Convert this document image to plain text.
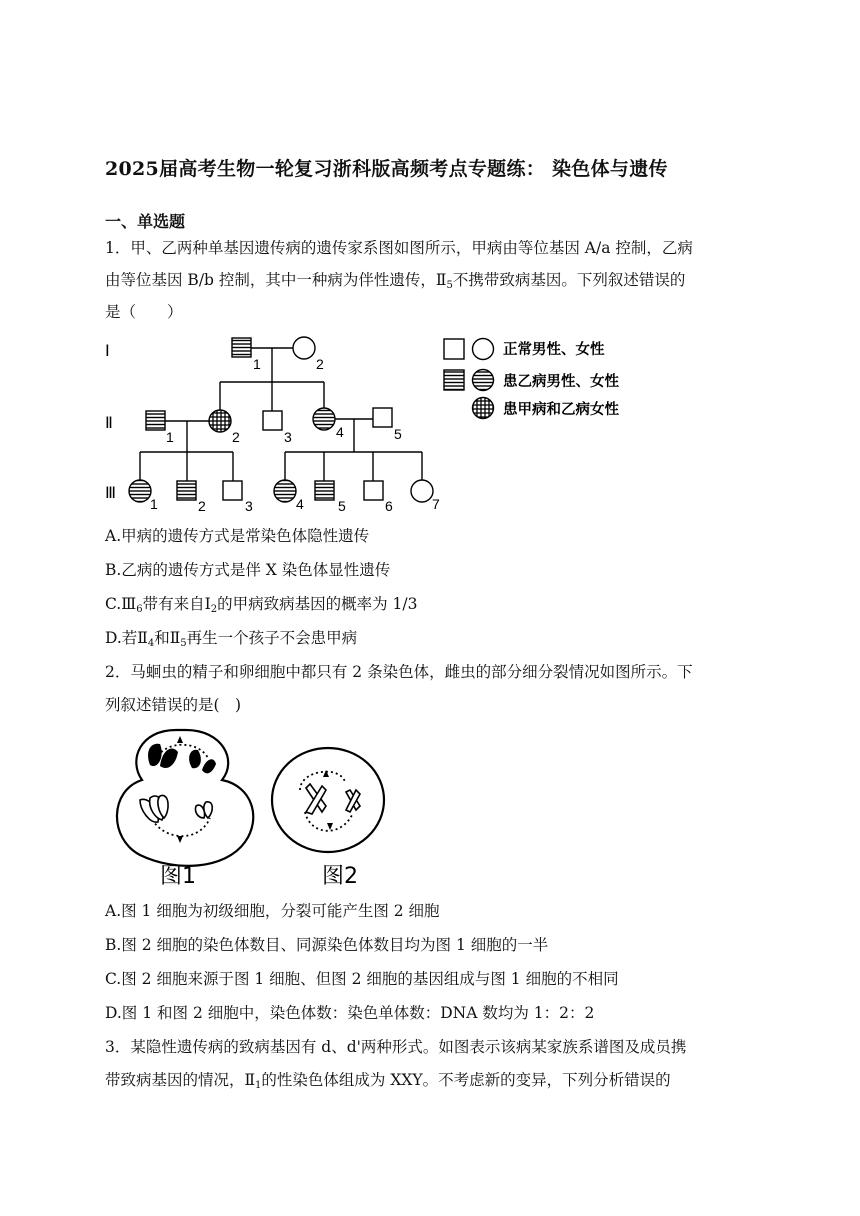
2025届高考生物一轮复习浙科版高频考点专题练： 染色体与遗传
一、单选题
1．甲、乙两种单基因遗传病的遗传家系图如图所示，甲病由等位基因 A/a 控制，乙病
由等位基因 B/b 控制，其中一种病为伴性遗传，$Ⅱ_5$不携带致病基因。下列叙述错误的
是（　　）
Ⅰ
Ⅱ
Ⅲ
1	2
1	2	3	4	5
1	2	3	4 5	6	7
正常男性、女性
患乙病男性、女性
患甲病和乙病女性
A.甲病的遗传方式是常染色体隐性遗传
B.乙病的遗传方式是伴 X 染色体显性遗传
$C.Ⅲ_6$带有来自$Ⅰ_2$的甲病致病基因的概率为 1/3
D.若$Ⅱ_4$和$Ⅱ_5$再生一个孩子不会患甲病
2．马蛔虫的精子和卵细胞中都只有 2 条染色体，雌虫的部分细分裂情况如图所示。下
列叙述错误的是(　)
图1	图2
A.图 1 细胞为初级细胞，分裂可能产生图 2 细胞
B.图 2 细胞的染色体数目、同源染色体数目均为图 1 细胞的一半
C.图 2 细胞来源于图 1 细胞、但图 2 细胞的基因组成与图 1 细胞的不相同
D.图 1 和图 2 细胞中，染色体数：染色单体数：DNA 数均为 1：2：2
3．某隐性遗传病的致病基因有 d、d'两种形式。如图表示该病某家族系谱图及成员携
带致病基因的情况，$Ⅱ_1$的性染色体组成为 XXY。不考虑新的变异，下列分析错误的
